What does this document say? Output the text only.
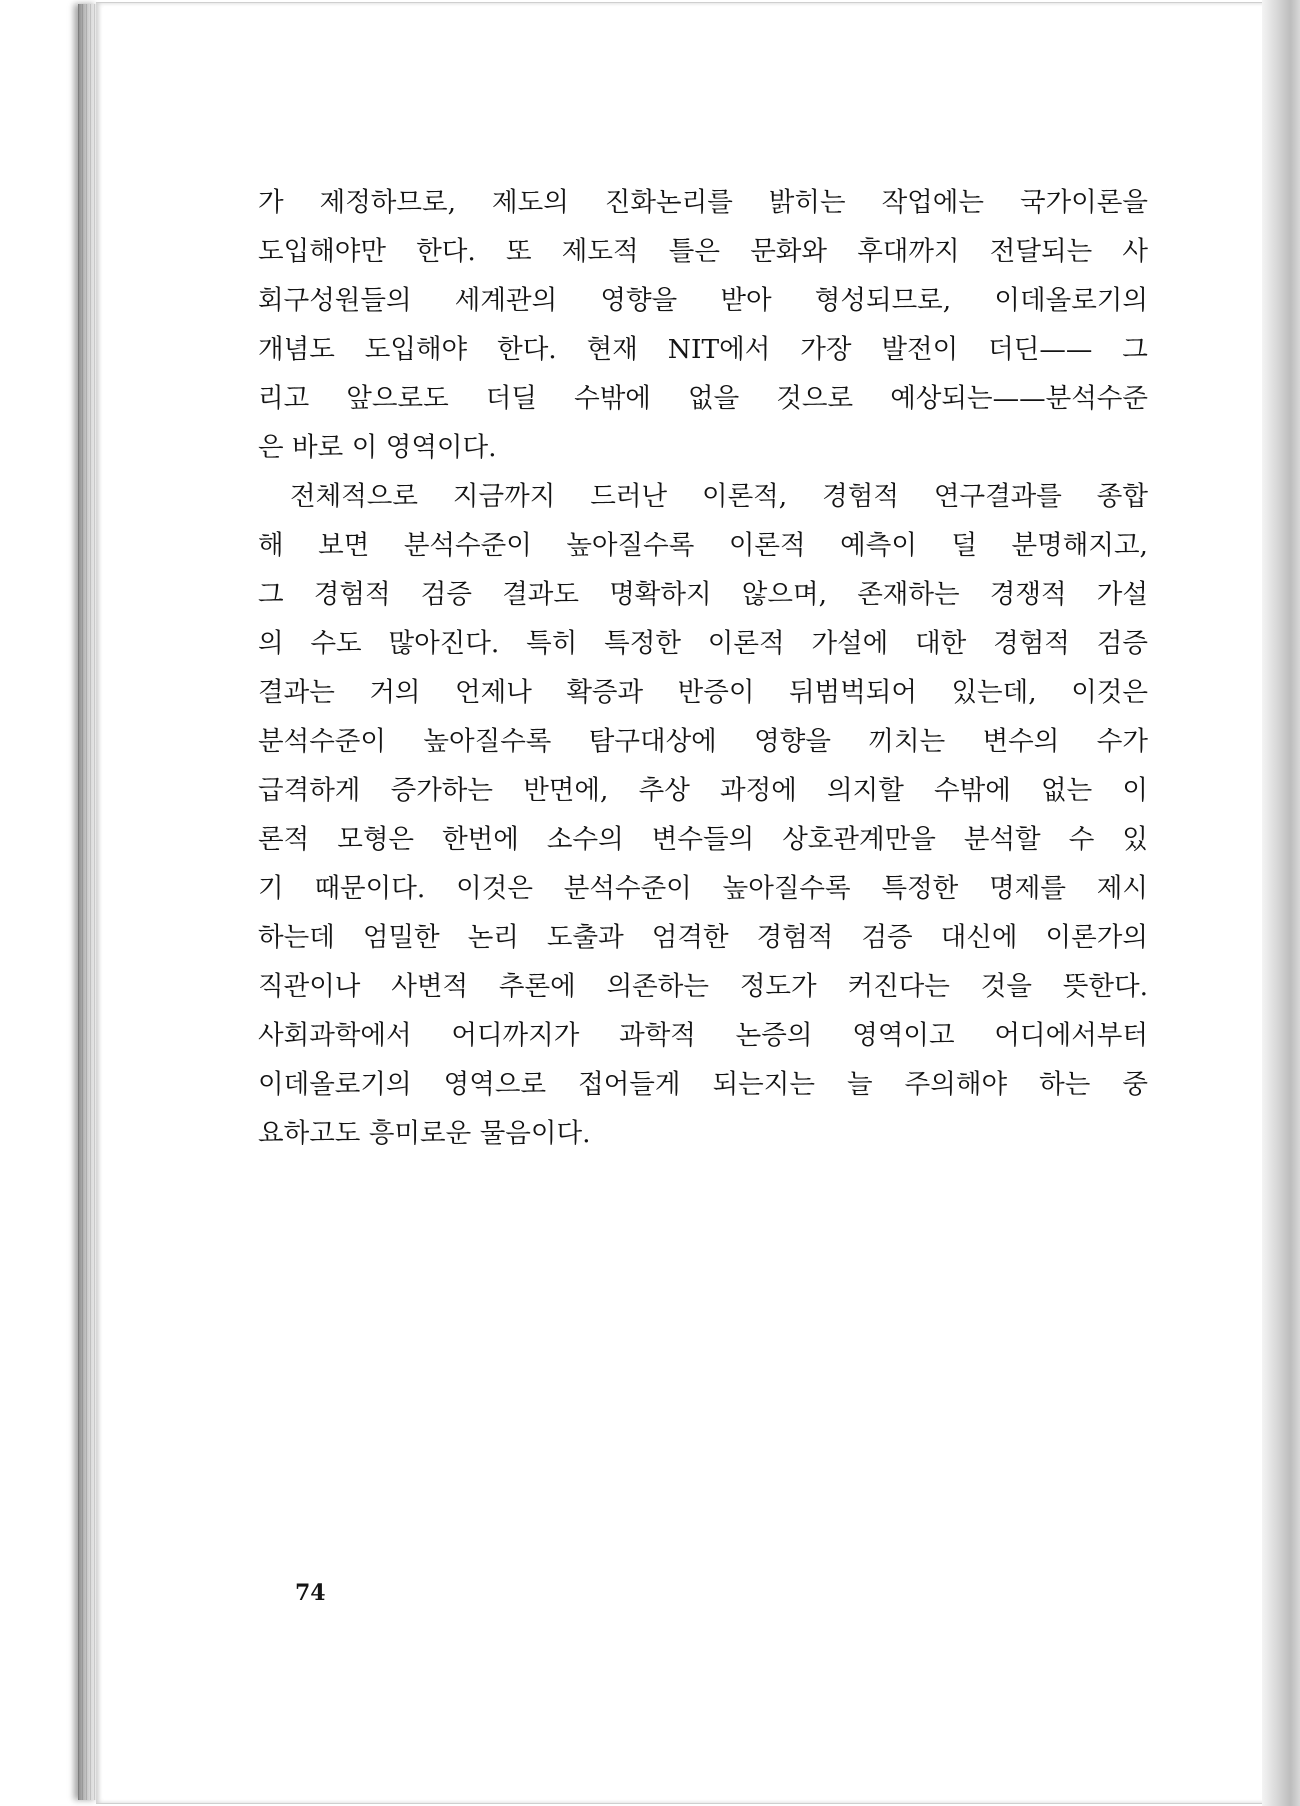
가 제정하므로, 제도의 진화논리를 밝히는 작업에는 국가이론을
도입해야만 한다. 또 제도적 틀은 문화와 후대까지 전달되는 사
회구성원들의 세계관의 영향을 받아 형성되므로, 이데올로기의
개념도 도입해야 한다. 현재 NIT에서 가장 발전이 더딘—— 그
리고 앞으로도 더딜 수밖에 없을 것으로 예상되는——분석수준
은
바로
이
영역이다.
전체적으로 지금까지 드러난 이론적, 경험적 연구결과를 종합
해 보면 분석수준이 높아질수록 이론적 예측이 덜 분명해지고,
그 경험적 검증 결과도 명확하지 않으며, 존재하는 경쟁적 가설
의 수도 많아진다. 특히 특정한 이론적 가설에 대한 경험적 검증
결과는 거의 언제나 확증과 반증이 뒤범벅되어 있는데, 이것은
분석수준이 높아질수록 탐구대상에 영향을 끼치는 변수의 수가
급격하게 증가하는 반면에, 추상 과정에 의지할 수밖에 없는 이
론적 모형은 한번에 소수의 변수들의 상호관계만을 분석할 수 있
기 때문이다. 이것은 분석수준이 높아질수록 특정한 명제를 제시
하는데 엄밀한 논리 도출과 엄격한 경험적 검증 대신에 이론가의
직관이나 사변적 추론에 의존하는 정도가 커진다는 것을 뜻한다.
사회과학에서 어디까지가 과학적 논증의 영역이고 어디에서부터
이데올로기의 영역으로 접어들게 되는지는 늘 주의해야 하는 중
요하고도
흥미로운
물음이다.
74
